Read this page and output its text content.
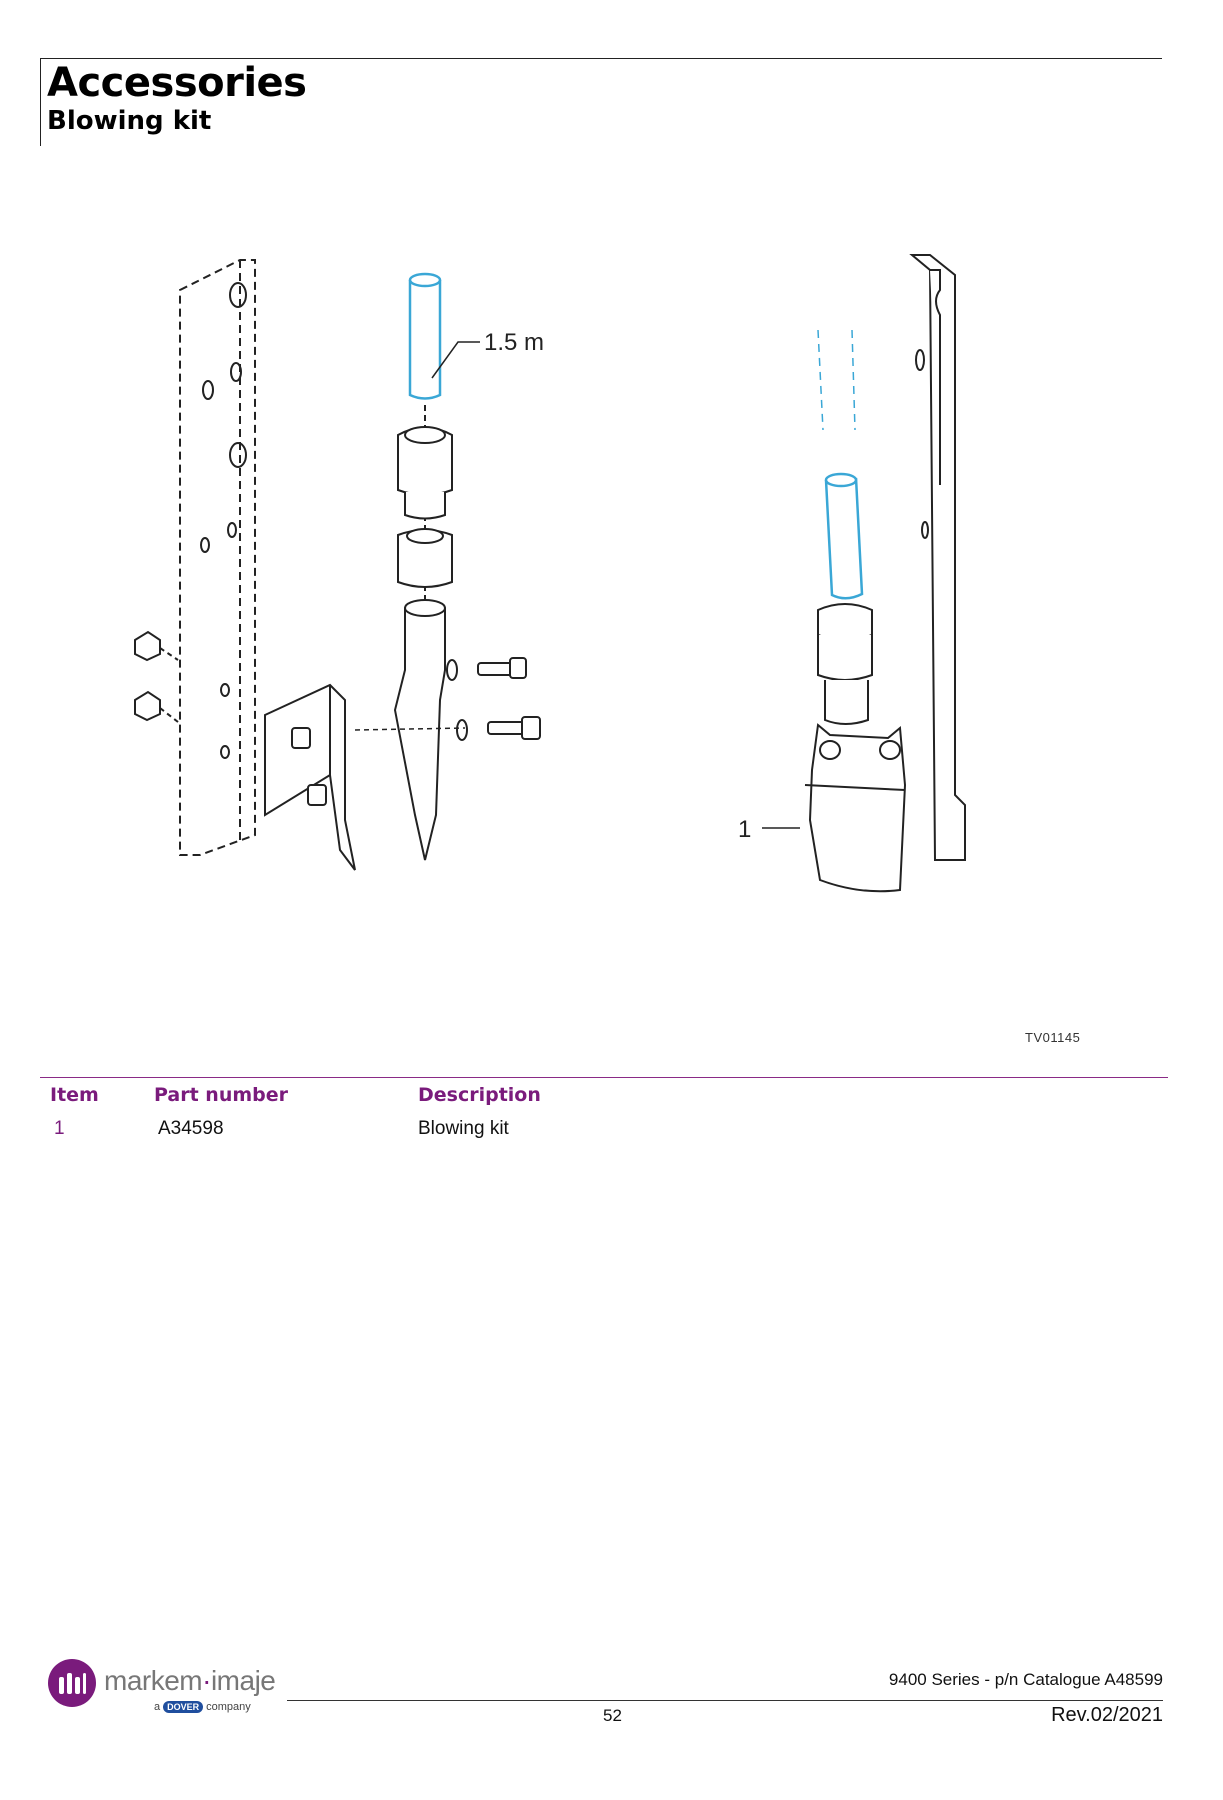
Accessories
Blowing kit
1.5 m
1
TV01145
Item	Part number	Description
1	A34598	Blowing kit
markem·imaje
a DOVER company
9400 Series - p/n Catalogue A48599
52	Rev.02/2021
